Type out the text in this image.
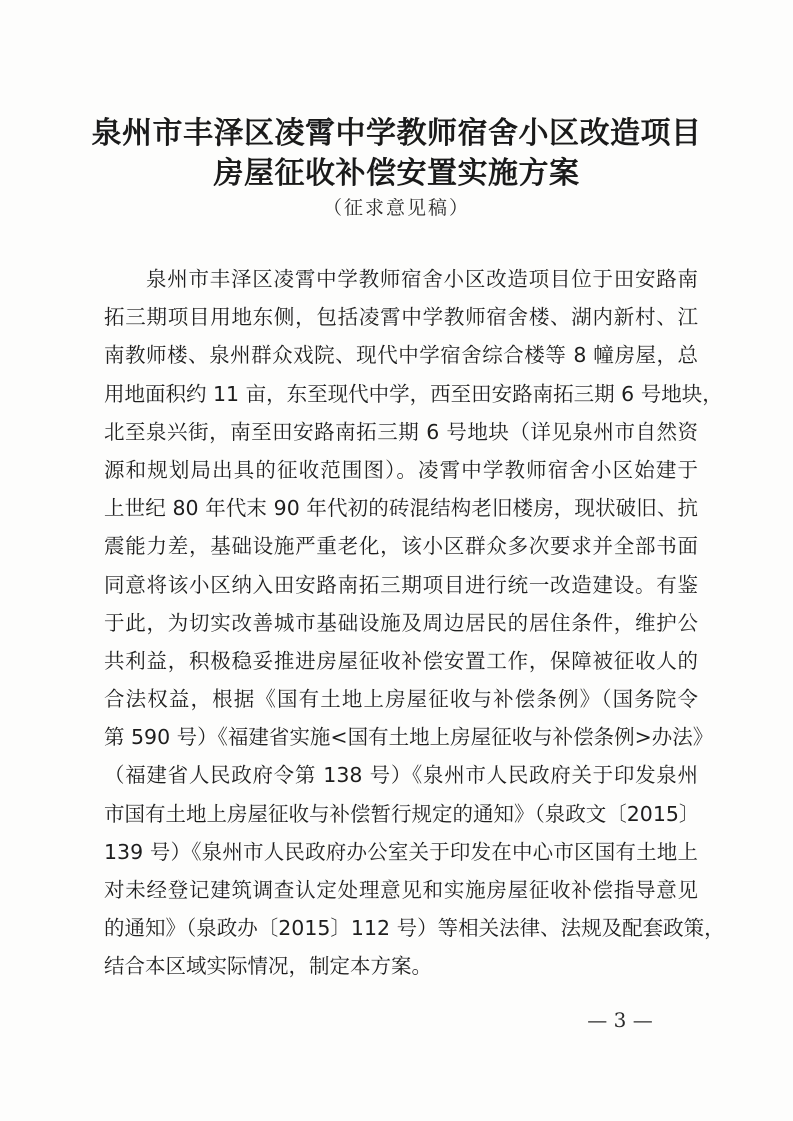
泉州市丰泽区凌霄中学教师宿舍小区改造项目
房屋征收补偿安置实施方案
（征求意见稿）
泉州市丰泽区凌霄中学教师宿舍小区改造项目位于田安路南
拓三期项目用地东侧，包括凌霄中学教师宿舍楼、湖内新村、江
南教师楼、泉州群众戏院、现代中学宿舍综合楼等 8 幢房屋，总
用地面积约 11 亩，东至现代中学，西至田安路南拓三期 6 号地块，
北至泉兴街，南至田安路南拓三期 6 号地块（详见泉州市自然资
源和规划局出具的征收范围图）。凌霄中学教师宿舍小区始建于
上世纪 80 年代末 90 年代初的砖混结构老旧楼房，现状破旧、抗
震能力差，基础设施严重老化，该小区群众多次要求并全部书面
同意将该小区纳入田安路南拓三期项目进行统一改造建设。有鉴
于此，为切实改善城市基础设施及周边居民的居住条件，维护公
共利益，积极稳妥推进房屋征收补偿安置工作，保障被征收人的
合法权益，根据《国有土地上房屋征收与补偿条例》（国务院令
第 590 号）《福建省实施<国有土地上房屋征收与补偿条例>办法》
（福建省人民政府令第 138 号）《泉州市人民政府关于印发泉州
市国有土地上房屋征收与补偿暂行规定的通知》（泉政文〔2015〕
139 号）《泉州市人民政府办公室关于印发在中心市区国有土地上
对未经登记建筑调查认定处理意见和实施房屋征收补偿指导意见
的通知》（泉政办〔2015〕112 号）等相关法律、法规及配套政策，
结合本区域实际情况，制定本方案。
— 3 —
